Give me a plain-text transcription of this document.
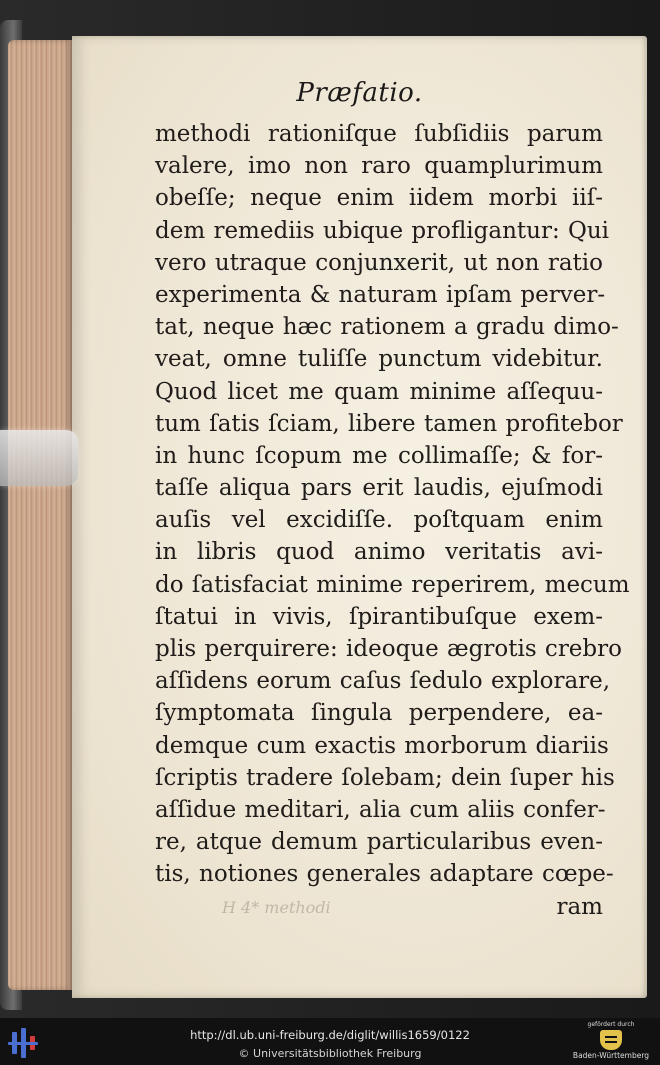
Præfatio.
methodi rationiſque ſubſidiis parum
valere, imo non raro quamplurimum
obeſſe; neque enim iidem morbi iiſ-
dem remediis ubique profligantur: Qui
vero utraque conjunxerit, ut non ratio
experimenta & naturam ipſam perver-
tat, neque hæc rationem a gradu dimo-
veat, omne tuliſſe punctum videbitur.
Quod licet me quam minime aſſequu-
tum ſatis ſciam, libere tamen profitebor
in hunc ſcopum me collimaſſe; & for-
taſſe aliqua pars erit laudis, ejuſmodi
auſis vel excidiſſe. poſtquam enim
in libris quod animo veritatis avi-
do ſatisfaciat minime reperirem, mecum
ſtatui in vivis, ſpirantibuſque exem-
plis perquirere: ideoque ægrotis crebro
aſſidens eorum caſus ſedulo explorare,
ſymptomata ſingula perpendere, ea-
demque cum exactis morborum diariis
ſcriptis tradere ſolebam; dein ſuper his
aſſidue meditari, alia cum aliis confer-
re, atque demum particularibus even-
tis, notiones generales adaptare cœpe-
ram
H 4* methodi
http://dl.ub.uni-freiburg.de/diglit/willis1659/0122
© Universitätsbibliothek Freiburg
gefördert durch
Baden-Württemberg
